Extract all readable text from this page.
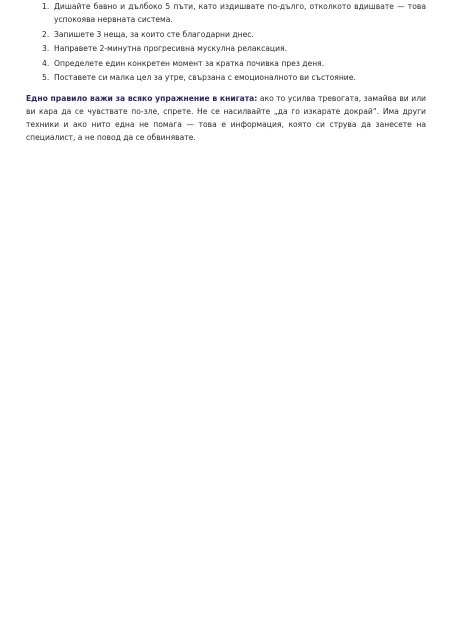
1. Дишайте бавно и дълбоко 5 пъти, като издишвате по-дълго, отколкото вдишвате — това успокоява нервната система.
2. Запишете 3 неща, за които сте благодарни днес.
3. Направете 2-минутна прогресивна мускулна релаксация.
4. Определете един конкретен момент за кратка почивка през деня.
5. Поставете си малка цел за утре, свързана с емоционалното ви състояние.

Едно правило важи за всяко упражнение в книгата: ако то усилва тревогата, замайва ви или ви кара да се чувствате по-зле, спрете. Не се насилвайте „да го изкарате докрай“. Има други техники и ако нито една не помага — това е информация, която си струва да занесете на специалист, а не повод да се обвинявате.
